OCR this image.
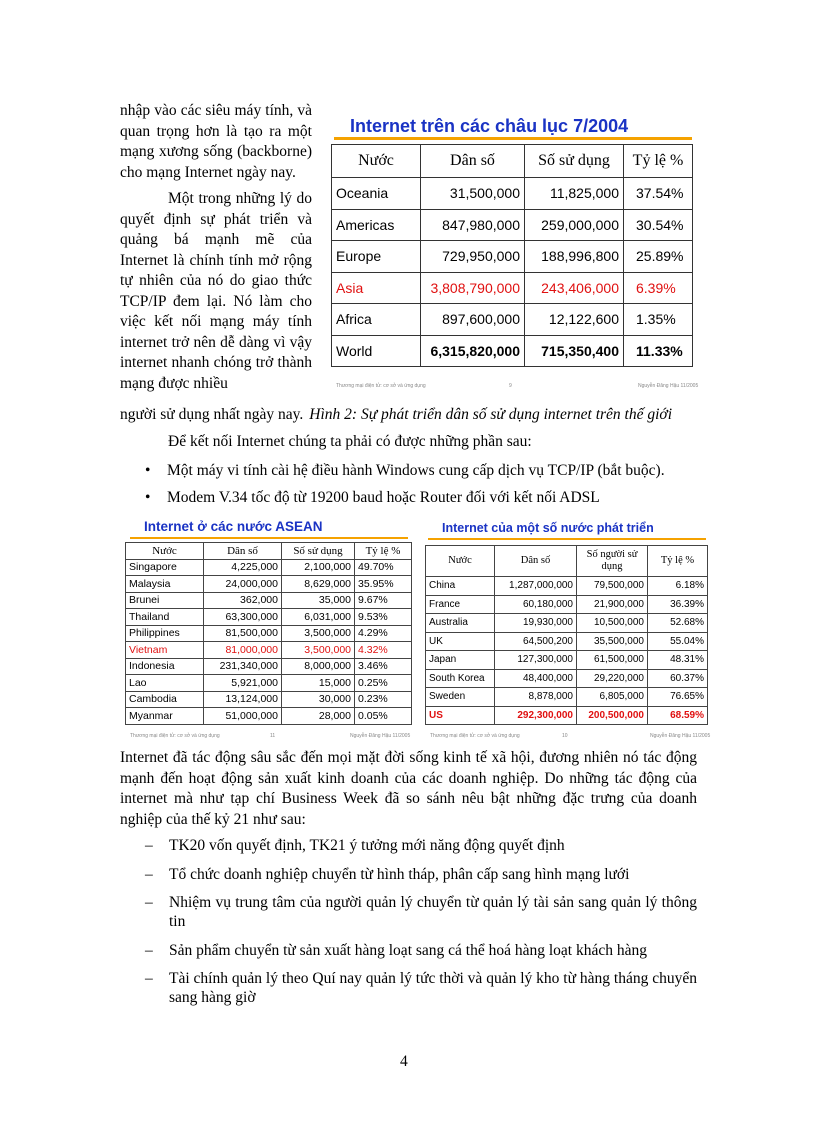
nhập vào các siêu máy tính, và quan trọng hơn là tạo ra một mạng xương sống (backborne) cho mạng Internet ngày nay.

Một trong những lý do quyết định sự phát triển và quảng bá mạnh mẽ của Internet là chính tính mở rộng tự nhiên của nó do giao thức TCP/IP đem lại. Nó làm cho việc kết nối mạng máy tính internet trở nên dễ dàng vì vậy internet nhanh chóng trở thành mạng được nhiều

Internet trên các châu lục 7/2004
Nước	Dân số	Số sử dụng	Tỷ lệ %
Oceania	31,500,000	11,825,000	37.54%
Americas	847,980,000	259,000,000	30.54%
Europe	729,950,000	188,996,800	25.89%
Asia	3,808,790,000	243,406,000	6.39%
Africa	897,600,000	12,122,600	1.35%
World	6,315,820,000	715,350,400	11.33%
Thương mại điện tử: cơ sở và ứng dụng	9	Nguyễn Đăng Hậu 11/2005
người sử dụng nhất ngày nay. Hình 2: Sự phát triển dân số sử dụng internet trên thế giới
Để kết nối Internet chúng ta phải có được những phần sau:
• Một máy vi tính cài hệ điều hành Windows cung cấp dịch vụ TCP/IP (bắt buộc).
• Modem V.34 tốc độ từ 19200 baud hoặc Router đối với kết nối ADSL
Internet ở các nước ASEAN
Nước	Dân số	Số sử dụng	Tỷ lệ %
Singapore	4,225,000	2,100,000	49.70%
Malaysia	24,000,000	8,629,000	35.95%
Brunei	362,000	35,000	9.67%
Thailand	63,300,000	6,031,000	9.53%
Philippines	81,500,000	3,500,000	4.29%
Vietnam	81,000,000	3,500,000	4.32%
Indonesia	231,340,000	8,000,000	3.46%
Lao	5,921,000	15,000	0.25%
Cambodia	13,124,000	30,000	0.23%
Myanmar	51,000,000	28,000	0.05%
Thương mại điện tử: cơ sở và ứng dụng	11	Nguyễn Đăng Hậu 11/2005
Internet của một số nước phát triển
Nước	Dân số	Số người sử dụng	Tỷ lệ %
China	1,287,000,000	79,500,000	6.18%
France	60,180,000	21,900,000	36.39%
Australia	19,930,000	10,500,000	52.68%
UK	64,500,200	35,500,000	55.04%
Japan	127,300,000	61,500,000	48.31%
South Korea	48,400,000	29,220,000	60.37%
Sweden	8,878,000	6,805,000	76.65%
US	292,300,000	200,500,000	68.59%
Thương mại điện tử: cơ sở và ứng dụng	10	Nguyễn Đăng Hậu 11/2005
Internet đã tác động sâu sắc đến mọi mặt đời sống kinh tế xã hội, đương nhiên nó tác động mạnh đến hoạt động sản xuất kinh doanh của các doanh nghiệp. Do những tác động của internet mà như tạp chí Business Week đã so sánh nêu bật những đặc trưng của doanh nghiệp của thế kỷ 21 như sau:
– TK20 vốn quyết định, TK21 ý tưởng mới năng động quyết định
– Tổ chức doanh nghiệp chuyển từ hình tháp, phân cấp sang hình mạng lưới
– Nhiệm vụ trung tâm của người quản lý chuyển từ quản lý tài sản sang quản lý thông tin
– Sản phẩm chuyển từ sản xuất hàng loạt sang cá thể hoá hàng loạt khách hàng
– Tài chính quản lý theo Quí nay quản lý tức thời và quản lý kho từ hàng tháng chuyển sang hàng giờ
4
